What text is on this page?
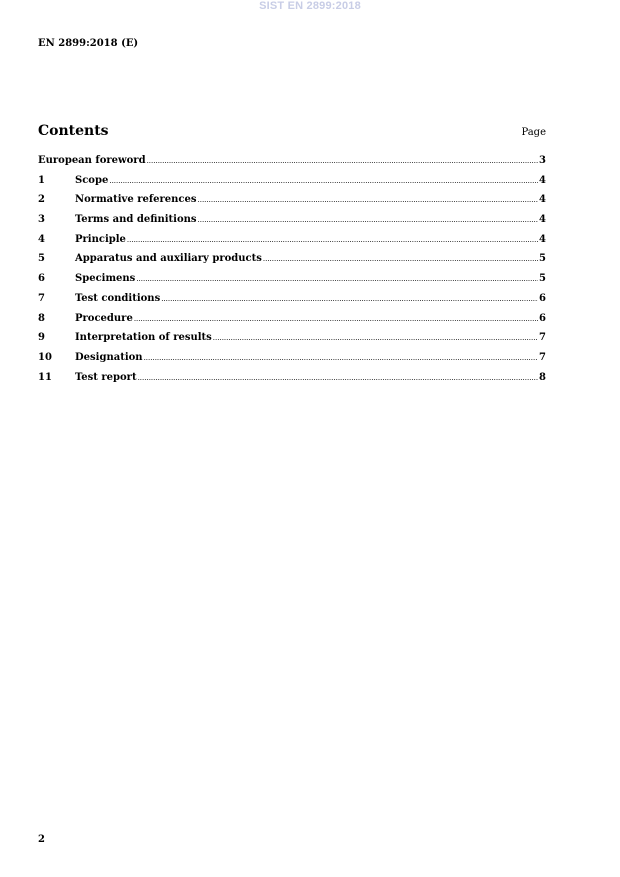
SIST EN 2899:2018
EN 2899:2018 (E)
Contents	Page
European foreword .....	3
1	Scope .....	4
2	Normative references .....	4
3	Terms and definitions .....	4
4	Principle .....	4
5	Apparatus and auxiliary products .....	5
6	Specimens .....	5
7	Test conditions .....	6
8	Procedure .....	6
9	Interpretation of results .....	7
10	Designation .....	7
11	Test report .....	8
2
